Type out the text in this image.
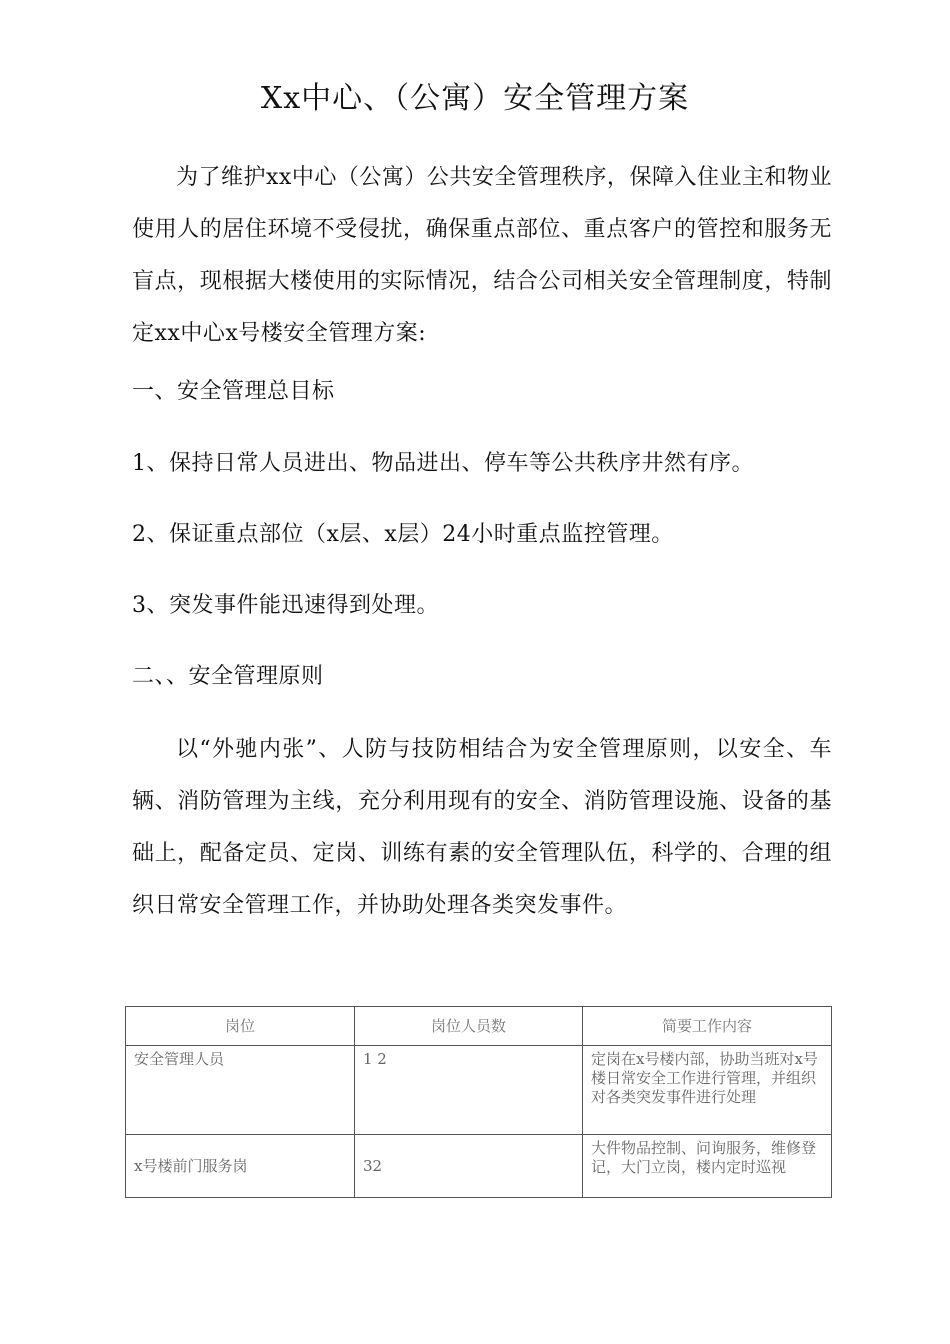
Xx中心、（公寓）安全管理方案

为了维护xx中心（公寓）公共安全管理秩序，保障入住业主和物业使用人的居住环境不受侵扰，确保重点部位、重点客户的管控和服务无盲点，现根据大楼使用的实际情况，结合公司相关安全管理制度，特制定xx中心x号楼安全管理方案:

一、安全管理总目标
1、保持日常人员进出、物品进出、停车等公共秩序井然有序。
2、保证重点部位（x层、x层）24小时重点监控管理。
3、突发事件能迅速得到处理。
二、、安全管理原则

以“外驰内张”、人防与技防相结合为安全管理原则，以安全、车辆、消防管理为主线，充分利用现有的安全、消防管理设施、设备的基础上，配备定员、定岗、训练有素的安全管理队伍，科学的、合理的组织日常安全管理工作，并协助处理各类突发事件。

岗位	岗位人员数	简要工作内容
安全管理人员	1 2	定岗在x号楼内部，协助当班对x号楼日常安全工作进行管理，并组织对各类突发事件进行处理
x号楼前门服务岗	32	大件物品控制、问询服务，维修登记，大门立岗，楼内定时巡视
